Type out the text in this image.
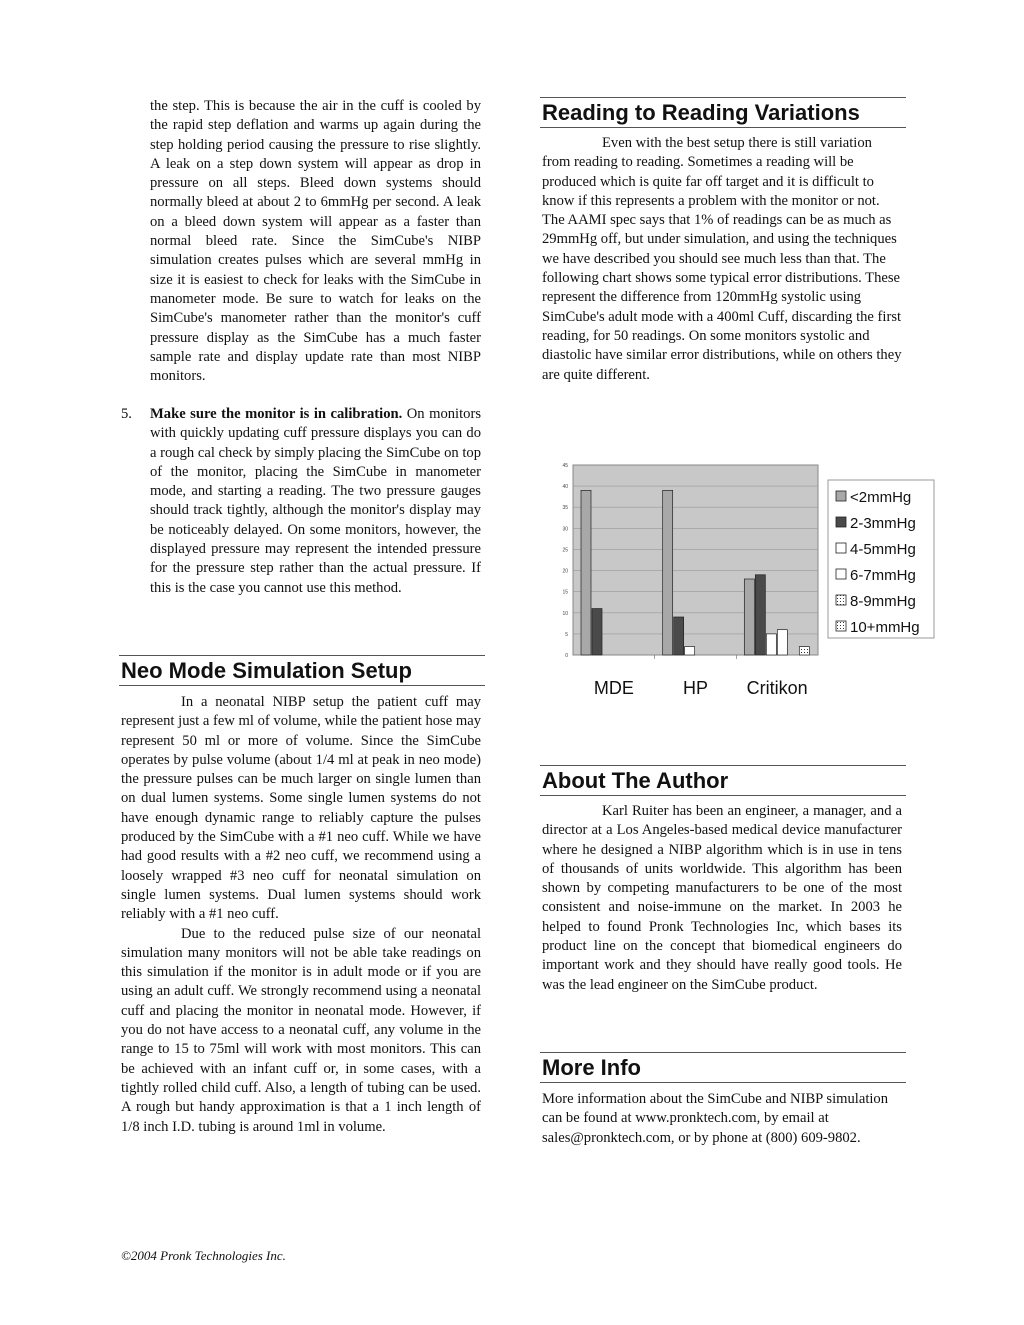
the step. This is because the air in the cuff is cooled by the rapid step deflation and warms up again during the step holding period causing the pressure to rise slightly. A leak on a step down system will appear as drop in pressure on all steps. Bleed down systems should normally bleed at about 2 to 6mmHg per second. A leak on a bleed down system will appear as a faster than normal bleed rate. Since the SimCube's NIBP simulation creates pulses which are several mmHg in size it is easiest to check for leaks with the SimCube in manometer mode. Be sure to watch for leaks on the SimCube's manometer rather than the monitor's cuff pressure display as the SimCube has a much faster sample rate and display update rate than most NIBP monitors.

5. Make sure the monitor is in calibration. On monitors with quickly updating cuff pressure displays you can do a rough cal check by simply placing the SimCube on top of the monitor, placing the SimCube in manometer mode, and starting a reading. The two pressure gauges should track tightly, although the monitor's display may be noticeably delayed. On some monitors, however, the displayed pressure may represent the intended pressure for the pressure step rather than the actual pressure. If this is the case you cannot use this method.
Neo Mode Simulation Setup

In a neonatal NIBP setup the patient cuff may represent just a few ml of volume, while the patient hose may represent 50 ml or more of volume. Since the SimCube operates by pulse volume (about 1/4 ml at peak in neo mode) the pressure pulses can be much larger on single lumen than on dual lumen systems. Some single lumen systems do not have enough dynamic range to reliably capture the pulses produced by the SimCube with a #1 neo cuff. While we have had good results with a #2 neo cuff, we recommend using a loosely wrapped #3 neo cuff for neonatal simulation on single lumen systems. Dual lumen systems should work reliably with a #1 neo cuff.

Due to the reduced pulse size of our neonatal simulation many monitors will not be able take readings on this simulation if the monitor is in adult mode or if you are using an adult cuff. We strongly recommend using a neonatal cuff and placing the monitor in neonatal mode. However, if you do not have access to a neonatal cuff, any volume in the range to 15 to 75ml will work with most monitors. This can be achieved with an infant cuff or, in some cases, with a tightly rolled child cuff. Also, a length of tubing can be used. A rough but handy approximation is that a 1 inch length of 1/8 inch I.D. tubing is around 1ml in volume.

©2004 Pronk Technologies Inc.
Reading to Reading Variations

Even with the best setup there is still variation from reading to reading. Sometimes a reading will be produced which is quite far off target and it is difficult to know if this represents a problem with the monitor or not. The AAMI spec says that 1% of readings can be as much as 29mmHg off, but under simulation, and using the techniques we have described you should see much less than that. The following chart shows some typical error distributions. These represent the difference from 120mmHg systolic using SimCube's adult mode with a 400ml Cuff, discarding the first reading, for 50 readings. On some monitors systolic and diastolic have similar error distributions, while on others they are quite different.

0
5
10
15
20
25
30
35
40
45
MDE	HP Critikon
<2mmHg
2-3mmHg
4-5mmHg
6-7mmHg
8-9mmHg
10+mmHg
About The Author

Karl Ruiter has been an engineer, a manager, and a director at a Los Angeles-based medical device manufacturer where he designed a NIBP algorithm which is in use in tens of thousands of units worldwide. This algorithm has been shown by competing manufacturers to be one of the most consistent and noise-immune on the market. In 2003 he helped to found Pronk Technologies Inc, which bases its product line on the concept that biomedical engineers do important work and they should have really good tools. He was the lead engineer on the SimCube product.

More Info

More information about the SimCube and NIBP simulation can be found at www.pronktech.com, by email at sales@pronktech.com, or by phone at (800) 609-9802.
